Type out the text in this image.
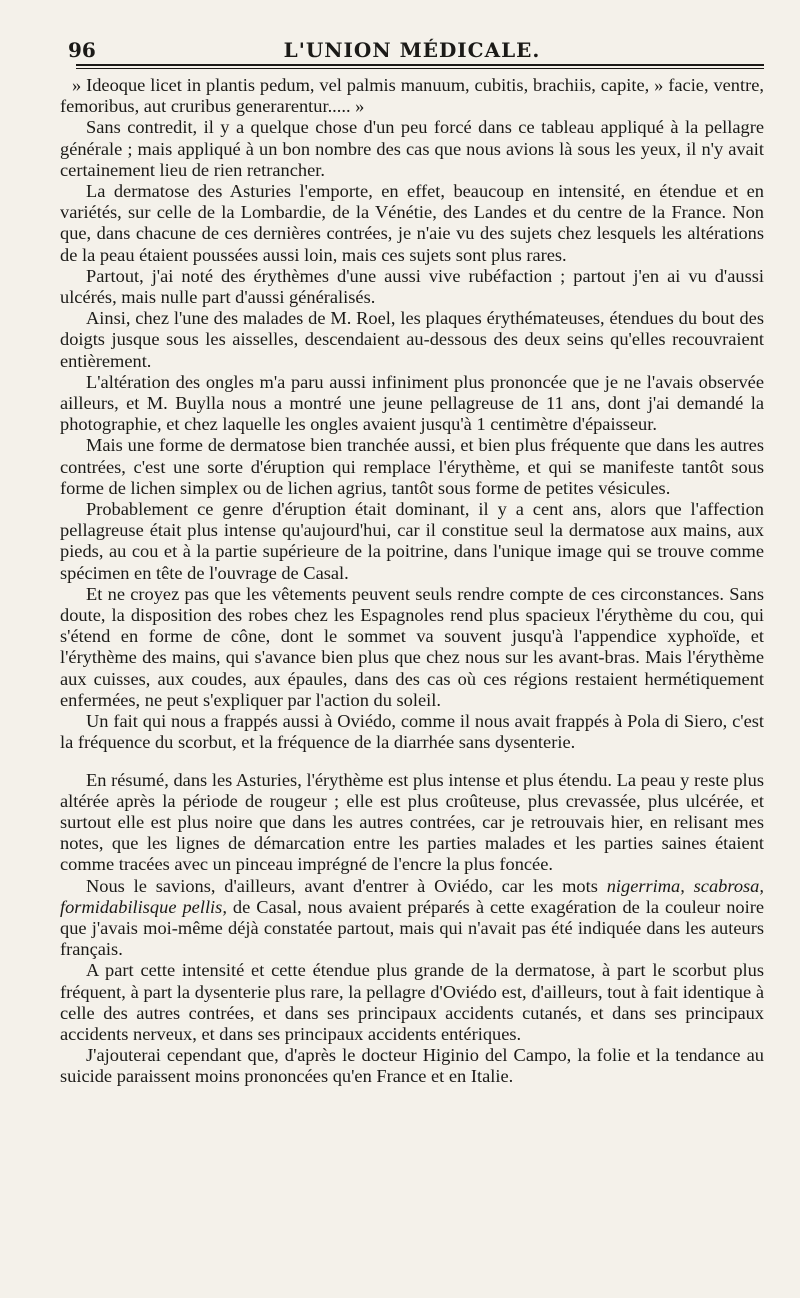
96	L'UNION MÉDICALE.

» Ideoque licet in plantis pedum, vel palmis manuum, cubitis, brachiis, capite, » facie, ventre, femoribus, aut cruribus generarentur..... »

Sans contredit, il y a quelque chose d'un peu forcé dans ce tableau appliqué à la pellagre générale ; mais appliqué à un bon nombre des cas que nous avions là sous les yeux, il n'y avait certainement lieu de rien retrancher.

La dermatose des Asturies l'emporte, en effet, beaucoup en intensité, en étendue et en variétés, sur celle de la Lombardie, de la Vénétie, des Landes et du centre de la France. Non que, dans chacune de ces dernières contrées, je n'aie vu des sujets chez lesquels les altérations de la peau étaient poussées aussi loin, mais ces sujets sont plus rares.

Partout, j'ai noté des érythèmes d'une aussi vive rubéfaction ; partout j'en ai vu d'aussi ulcérés, mais nulle part d'aussi généralisés.

Ainsi, chez l'une des malades de M. Roel, les plaques érythémateuses, étendues du bout des doigts jusque sous les aisselles, descendaient au-dessous des deux seins qu'elles recouvraient entièrement.

L'altération des ongles m'a paru aussi infiniment plus prononcée que je ne l'avais observée ailleurs, et M. Buylla nous a montré une jeune pellagreuse de 11 ans, dont j'ai demandé la photographie, et chez laquelle les ongles avaient jusqu'à 1 centimètre d'épaisseur.

Mais une forme de dermatose bien tranchée aussi, et bien plus fréquente que dans les autres contrées, c'est une sorte d'éruption qui remplace l'érythème, et qui se manifeste tantôt sous forme de lichen simplex ou de lichen agrius, tantôt sous forme de petites vésicules.

Probablement ce genre d'éruption était dominant, il y a cent ans, alors que l'affection pellagreuse était plus intense qu'aujourd'hui, car il constitue seul la dermatose aux mains, aux pieds, au cou et à la partie supérieure de la poitrine, dans l'unique image qui se trouve comme spécimen en tête de l'ouvrage de Casal.

Et ne croyez pas que les vêtements peuvent seuls rendre compte de ces circonstances. Sans doute, la disposition des robes chez les Espagnoles rend plus spacieux l'érythème du cou, qui s'étend en forme de cône, dont le sommet va souvent jusqu'à l'appendice xyphoïde, et l'érythème des mains, qui s'avance bien plus que chez nous sur les avant-bras. Mais l'érythème aux cuisses, aux coudes, aux épaules, dans des cas où ces régions restaient hermétiquement enfermées, ne peut s'expliquer par l'action du soleil.

Un fait qui nous a frappés aussi à Oviédo, comme il nous avait frappés à Pola di Siero, c'est la fréquence du scorbut, et la fréquence de la diarrhée sans dysenterie.

En résumé, dans les Asturies, l'érythème est plus intense et plus étendu. La peau y reste plus altérée après la période de rougeur ; elle est plus croûteuse, plus crevassée, plus ulcérée, et surtout elle est plus noire que dans les autres contrées, car je retrouvais hier, en relisant mes notes, que les lignes de démarcation entre les parties malades et les parties saines étaient comme tracées avec un pinceau imprégné de l'encre la plus foncée.

Nous le savions, d'ailleurs, avant d'entrer à Oviédo, car les mots nigerrima, scabrosa, formidabilisque pellis, de Casal, nous avaient préparés à cette exagération de la couleur noire que j'avais moi-même déjà constatée partout, mais qui n'avait pas été indiquée dans les auteurs français.

A part cette intensité et cette étendue plus grande de la dermatose, à part le scorbut plus fréquent, à part la dysenterie plus rare, la pellagre d'Oviédo est, d'ailleurs, tout à fait identique à celle des autres contrées, et dans ses principaux accidents cutanés, et dans ses principaux accidents nerveux, et dans ses principaux accidents entériques.

J'ajouterai cependant que, d'après le docteur Higinio del Campo, la folie et la tendance au suicide paraissent moins prononcées qu'en France et en Italie.
